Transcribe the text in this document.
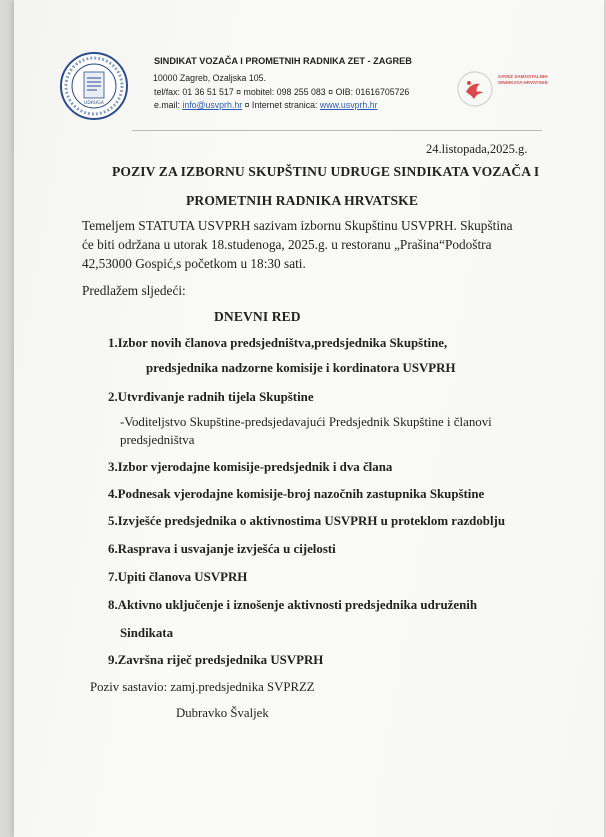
UDRUGA
SINDIKAT VOZAČA I PROMETNIH RADNIKA ZET - ZAGREB
10000 Zagreb, Ozaljska 105.
tel/fax: 01 36 51 517 ¤ mobitel: 098 255 083 ¤ OIB: 01616705726
e.mail: info@usvprh.hr ¤ Internet stranica: www.usvprh.hr
SAVEZ SAMOSTALNIH SINDIKATA HRVATSKE
24.listopada,2025.g.
POZIV ZA IZBORNU SKUPŠTINU UDRUGE SINDIKATA VOZAČA I
PROMETNIH RADNIKA HRVATSKE
Temeljem STATUTA USVPRH sazivam izbornu Skupštinu USVPRH. Skupština
će biti održana u utorak 18.studenoga, 2025.g. u restoranu „Prašina“Podoštra
42,53000 Gospić,s početkom u 18:30 sati.
Predlažem sljedeći:
DNEVNI RED
1.Izbor novih članova predsjedništva,predsjednika Skupštine,
predsjednika nadzorne komisije i kordinatora USVPRH
2.Utvrđivanje radnih tijela Skupštine
-Voditeljstvo Skupštine-predsjedavajući Predsjednik Skupštine i članovi
predsjedništva
3.Izbor vjerodajne komisije-predsjednik i dva člana
4.Podnesak vjerodajne komisije-broj nazočnih zastupnika Skupštine
5.Izvješće predsjednika o aktivnostima USVPRH u proteklom razdoblju
6.Rasprava i usvajanje izvješća u cijelosti
7.Upiti članova USVPRH
8.Aktivno uključenje i iznošenje aktivnosti predsjednika udruženih
Sindikata
9.Završna riječ predsjednika USVPRH
Poziv sastavio: zamj.predsjednika SVPRZZ
Dubravko Švaljek
